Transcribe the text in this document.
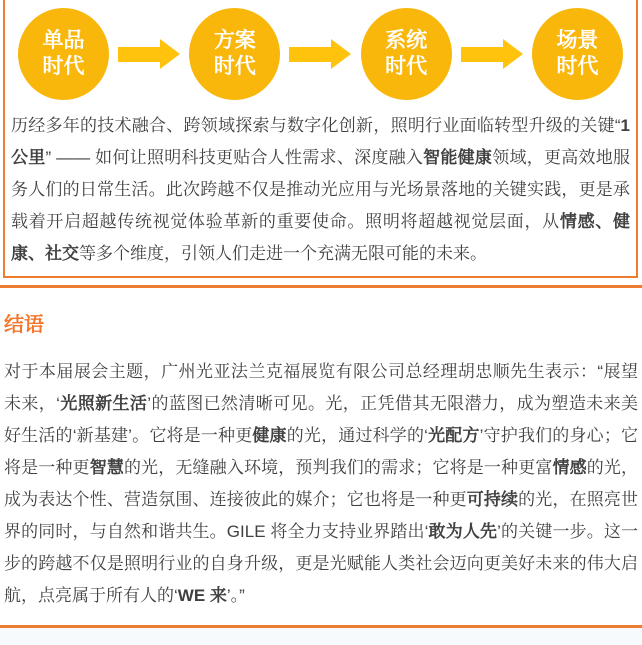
单品
时代
方案
时代
系统
时代
场景
时代

历经多年的技术融合、跨领域探索与数字化创新，照明行业面临转型升级的关键“1公里” —— 如何让照明科技更贴合人性需求、深度融入智能健康领域，更高效地服务人们的日常生活。此次跨越不仅是推动光应用与光场景落地的关键实践，更是承载着开启超越传统视觉体验革新的重要使命。照明将超越视觉层面，从情感、健康、社交等多个维度，引领人们走进一个充满无限可能的未来。

结语

对于本届展会主题，广州光亚法兰克福展览有限公司总经理胡忠顺先生表示：“展望未来，‘光照新生活’的蓝图已然清晰可见。光，正凭借其无限潜力，成为塑造未来美好生活的‘新基建’。它将是一种更健康的光，通过科学的‘光配方’守护我们的身心；它将是一种更智慧的光，无缝融入环境，预判我们的需求；它将是一种更富情感的光，成为表达个性、营造氛围、连接彼此的媒介；它也将是一种更可持续的光，在照亮世界的同时，与自然和谐共生。GILE 将全力支持业界踏出‘敢为人先’的关键一步。这一步的跨越不仅是照明行业的自身升级，更是光赋能人类社会迈向更美好未来的伟大启航，点亮属于所有人的‘WE 来’。”
